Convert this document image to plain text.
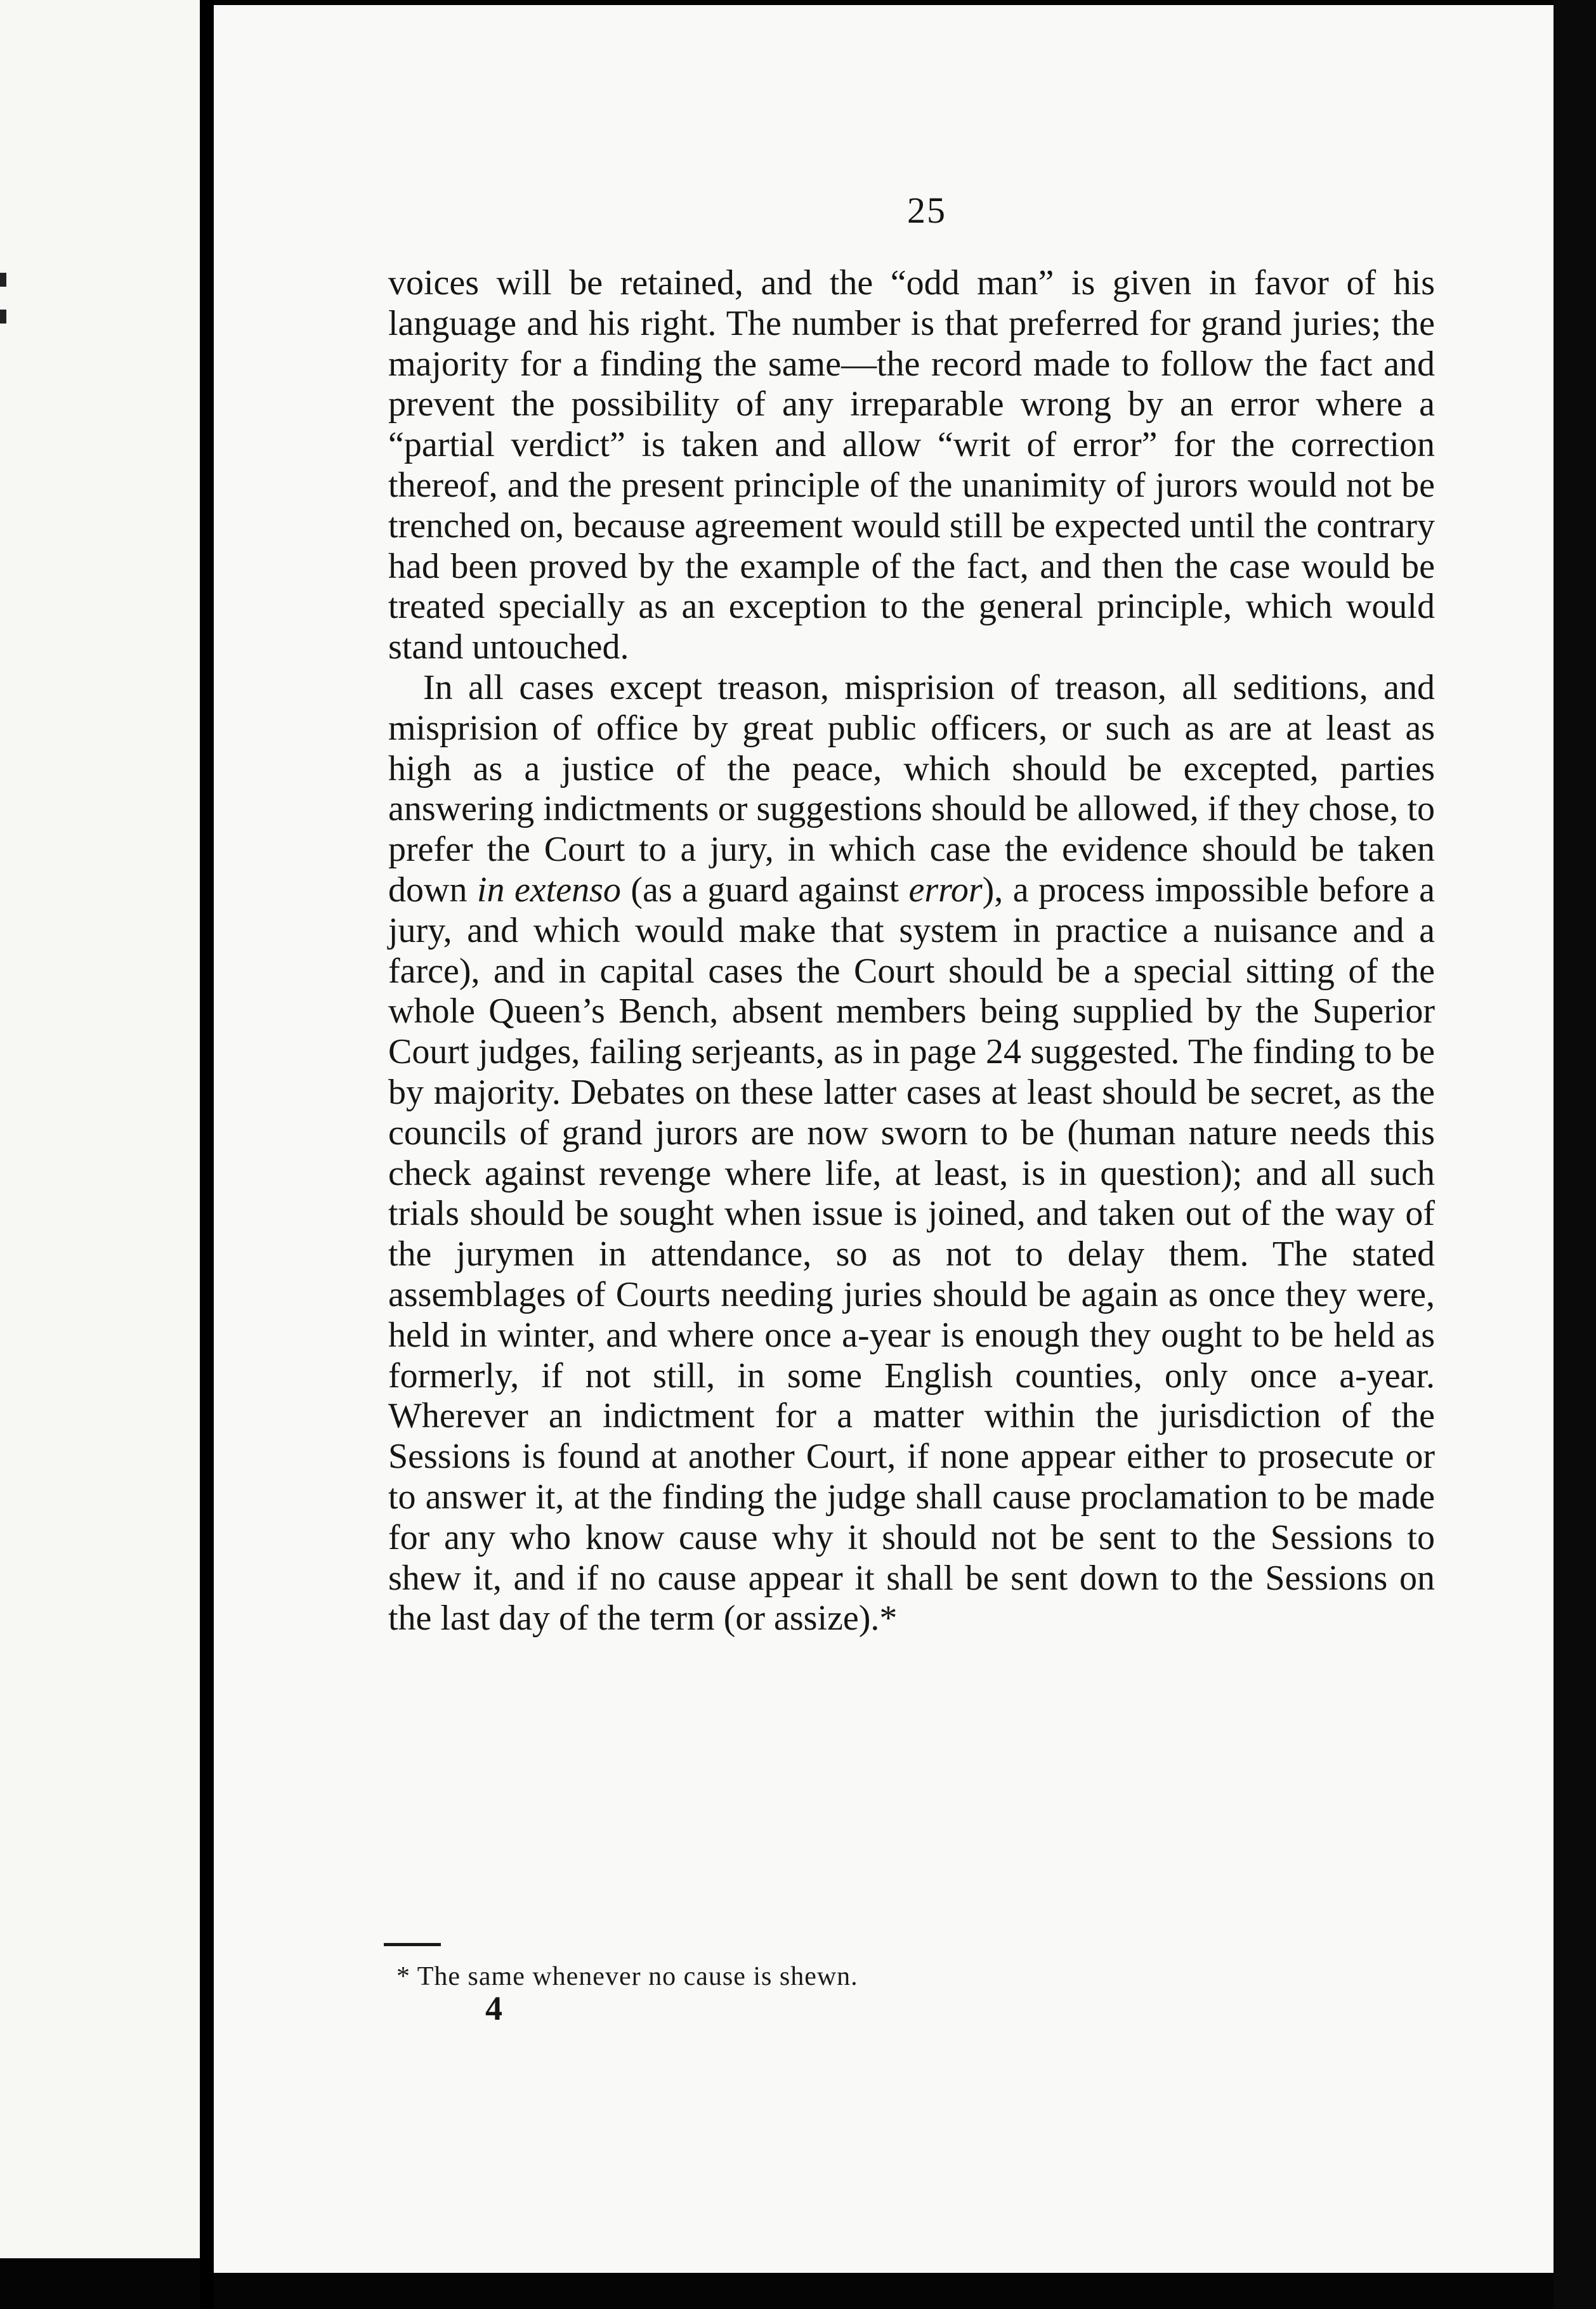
25

voices will be retained, and the “odd man” is given in favor of his language and his right. The number is that preferred for grand juries; the majority for a finding the same—the record made to follow the fact and prevent the possibility of any irreparable wrong by an error where a “partial verdict” is taken and allow “writ of error” for the correction thereof, and the present principle of the unanimity of jurors would not be trenched on, because agreement would still be expected until the contrary had been proved by the example of the fact, and then the case would be treated specially as an exception to the general principle, which would stand untouched.

In all cases except treason, misprision of treason, all seditions, and misprision of office by great public officers, or such as are at least as high as a justice of the peace, which should be excepted, parties answering indictments or suggestions should be allowed, if they chose, to prefer the Court to a jury, in which case the evidence should be taken down in extenso (as a guard against error), a process impossible before a jury, and which would make that system in practice a nuisance and a farce), and in capital cases the Court should be a special sitting of the whole Queen’s Bench, absent members being supplied by the Superior Court judges, failing serjeants, as in page 24 suggested. The finding to be by majority. Debates on these latter cases at least should be secret, as the councils of grand jurors are now sworn to be (human nature needs this check against revenge where life, at least, is in question); and all such trials should be sought when issue is joined, and taken out of the way of the jurymen in attendance, so as not to delay them. The stated assemblages of Courts needing juries should be again as once they were, held in winter, and where once a-year is enough they ought to be held as formerly, if not still, in some English counties, only once a-year. Wherever an indictment for a matter within the jurisdiction of the Sessions is found at another Court, if none appear either to prosecute or to answer it, at the finding the judge shall cause proclamation to be made for any who know cause why it should not be sent to the Sessions to shew it, and if no cause appear it shall be sent down to the Sessions on the last day of the term (or assize).*

* The same whenever no cause is shewn.
4
